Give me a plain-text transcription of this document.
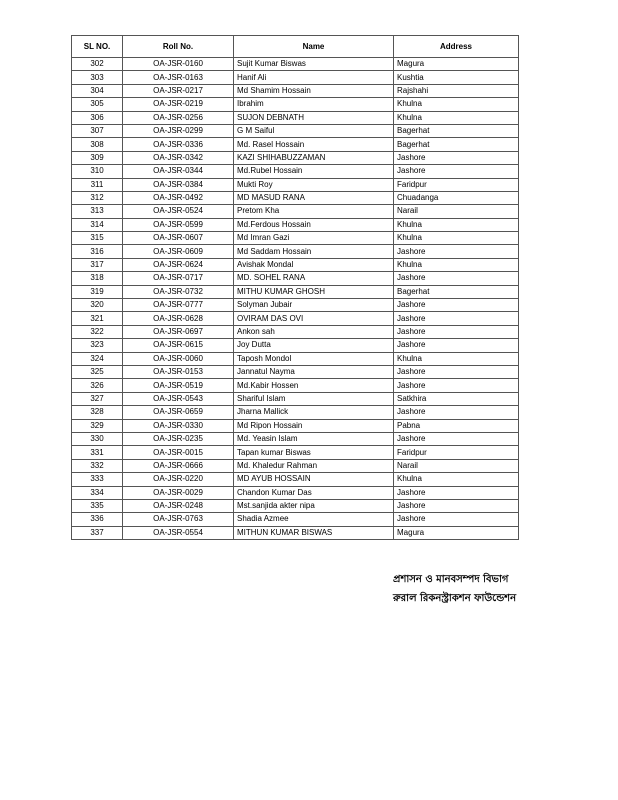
SL NO.	Roll No.	Name	Address
302	OA-JSR-0160	Sujit Kumar Biswas	Magura
303	OA-JSR-0163	Hanif Ali	Kushtia
304	OA-JSR-0217	Md Shamim Hossain	Rajshahi
305	OA-JSR-0219	Ibrahim	Khulna
306	OA-JSR-0256	SUJON DEBNATH	Khulna
307	OA-JSR-0299	G M Saiful	Bagerhat
308	OA-JSR-0336	Md. Rasel Hossain	Bagerhat
309	OA-JSR-0342	KAZI SHIHABUZZAMAN	Jashore
310	OA-JSR-0344	Md.Rubel Hossain	Jashore
311	OA-JSR-0384	Mukti Roy	Faridpur
312	OA-JSR-0492	MD MASUD RANA	Chuadanga
313	OA-JSR-0524	Pretom Kha	Narail
314	OA-JSR-0599	Md.Ferdous Hossain	Khulna
315	OA-JSR-0607	Md Imran Gazi	Khulna
316	OA-JSR-0609	Md Saddam Hossain	Jashore
317	OA-JSR-0624	Avishak Mondal	Khulna
318	OA-JSR-0717	MD. SOHEL RANA	Jashore
319	OA-JSR-0732	MITHU KUMAR GHOSH	Bagerhat
320	OA-JSR-0777	Solyman Jubair	Jashore
321	OA-JSR-0628	OVIRAM DAS OVI	Jashore
322	OA-JSR-0697	Ankon sah	Jashore
323	OA-JSR-0615	Joy Dutta	Jashore
324	OA-JSR-0060	Taposh Mondol	Khulna
325	OA-JSR-0153	Jannatul Nayma	Jashore
326	OA-JSR-0519	Md.Kabir Hossen	Jashore
327	OA-JSR-0543	Shariful Islam	Satkhira
328	OA-JSR-0659	Jharna Mallick	Jashore
329	OA-JSR-0330	Md Ripon Hossain	Pabna
330	OA-JSR-0235	Md. Yeasin Islam	Jashore
331	OA-JSR-0015	Tapan kumar Biswas	Faridpur
332	OA-JSR-0666	Md. Khaledur Rahman	Narail
333	OA-JSR-0220	MD AYUB HOSSAIN	Khulna
334	OA-JSR-0029	Chandon Kumar Das	Jashore
335	OA-JSR-0248	Mst.sanjida akter nipa	Jashore
336	OA-JSR-0763	Shadia Azmee	Jashore
337	OA-JSR-0554	MITHUN KUMAR BISWAS	Magura
প্রশাসন ও মানবসম্পদ বিভাগ
রুরাল রিকনস্ট্রাকশন ফাউন্ডেশন
